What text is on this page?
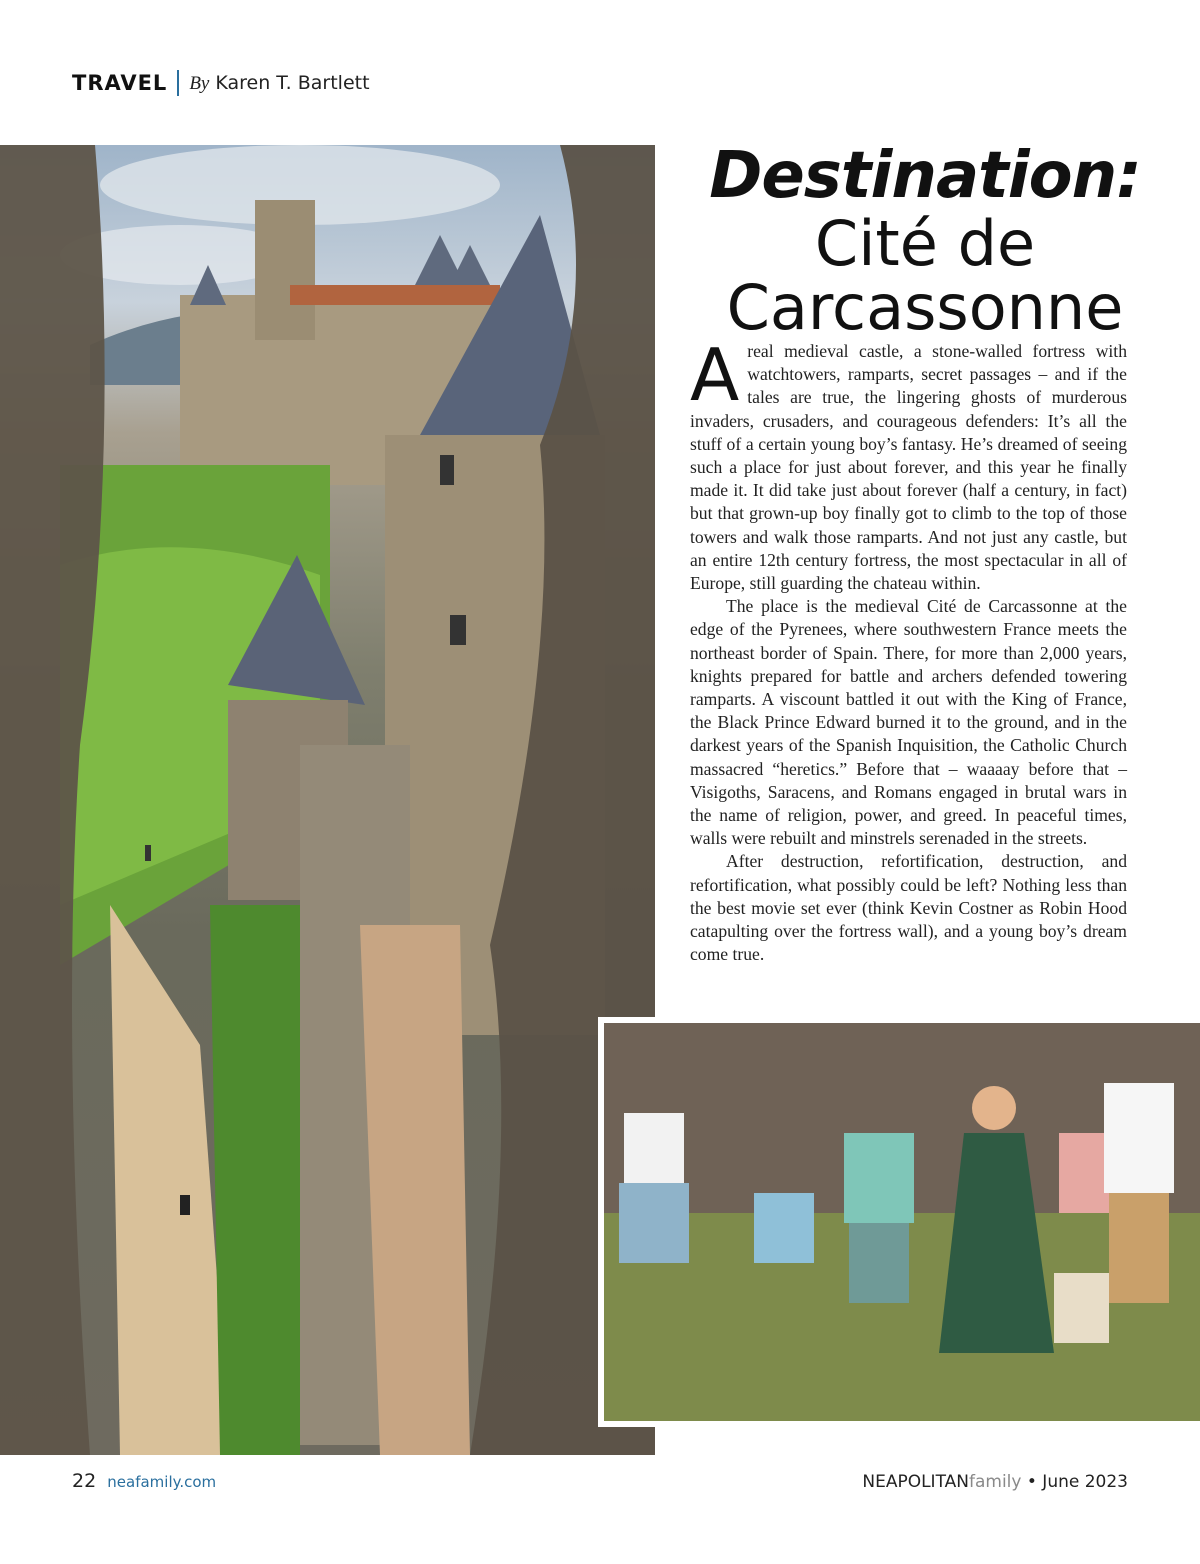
TRAVEL By Karen T. Bartlett
Destination:
Cité de
Carcassonne

Areal medieval castle, a stone-walled fortress with watchtowers, ramparts, secret passages – and if the tales are true, the lingering ghosts of murderous invaders, crusaders, and courageous defenders: It’s all the stuff of a certain young boy’s fantasy. He’s dreamed of seeing such a place for just about forever, and this year he finally made it. It did take just about forever (half a century, in fact) but that grown-up boy finally got to climb to the top of those towers and walk those ramparts. And not just any castle, but an entire 12th century fortress, the most spectacular in all of Europe, still guarding the chateau within.

The place is the medieval Cité de Carcassonne at the edge of the Pyrenees, where southwestern France meets the northeast border of Spain. There, for more than 2,000 years, knights prepared for battle and archers defended towering ramparts. A viscount battled it out with the King of France, the Black Prince Edward burned it to the ground, and in the darkest years of the Spanish Inquisition, the Catholic Church massacred “heretics.” Before that – waaaay before that – Visigoths, Saracens, and Romans engaged in brutal wars in the name of religion, power, and greed. In peaceful times, walls were rebuilt and minstrels serenaded in the streets.

After destruction, refortification, destruction, and refortification, what possibly could be left? Nothing less than the best movie set ever (think Kevin Costner as Robin Hood catapulting over the fortress wall), and a young boy’s dream come true.

22 neafamily.com	NEAPOLITANfamily • June 2023
